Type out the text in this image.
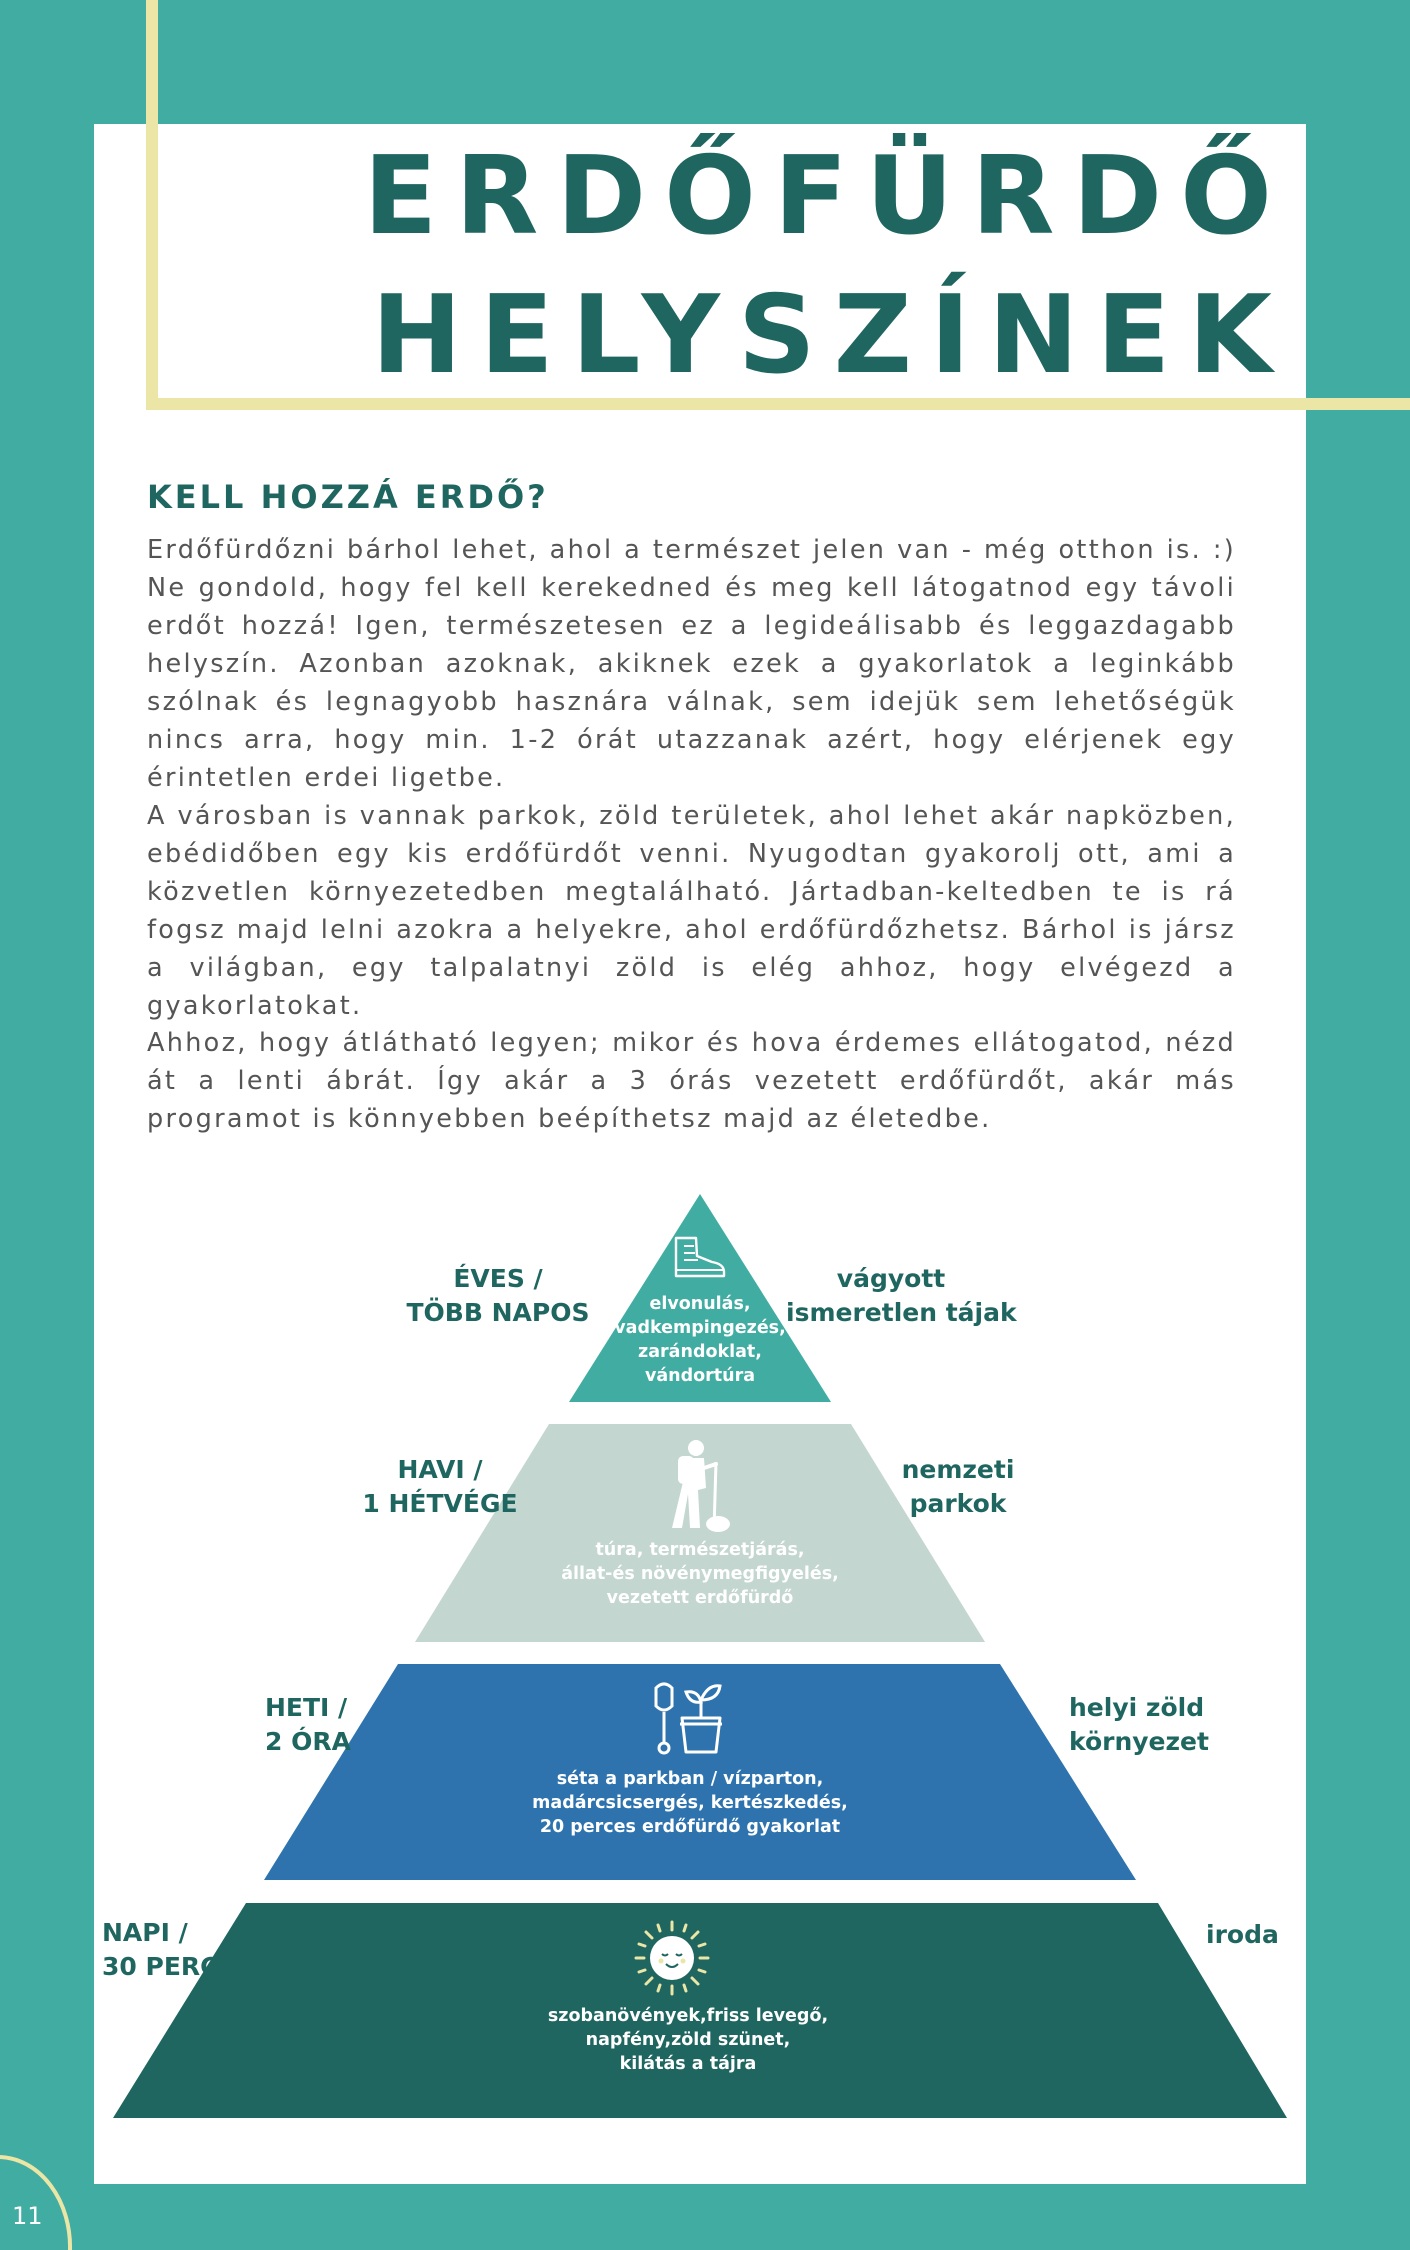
ERDŐFÜRDŐ
HELYSZÍNEK
KELL HOZZÁ ERDŐ?

Erdőfürdőzni bárhol lehet, ahol a természet jelen van - még otthon is. :) Ne gondold, hogy fel kell kerekedned és meg kell látogatnod egy távoli erdőt hozzá! Igen, természetesen ez a legideálisabb és leggazdagabb helyszín. Azonban azoknak, akiknek ezek a gyakorlatok a leginkább szólnak és legnagyobb hasznára válnak, sem idejük sem lehetőségük nincs arra, hogy min. 1-2 órát utazzanak azért, hogy elérjenek egy érintetlen erdei ligetbe.

A városban is vannak parkok, zöld területek, ahol lehet akár napközben, ebédidőben egy kis erdőfürdőt venni. Nyugodtan gyakorolj ott, ami a közvetlen környezetedben megtalálható. Jártadban-keltedben te is rá fogsz majd lelni azokra a helyekre, ahol erdőfürdőzhetsz. Bárhol is jársz a világban, egy talpalatnyi zöld is elég ahhoz, hogy elvégezd a gyakorlatokat.

Ahhoz, hogy átlátható legyen; mikor és hova érdemes ellátogatod, nézd át a lenti ábrát. Így akár a 3 órás vezetett erdőfürdőt, akár más programot is könnyebben beépíthetsz majd az életedbe.

ÉVES /
TÖBB NAPOS
vágyott
ismeretlen tájak
elvonulás,
vadkempingezés,
zarándoklat,
vándortúra
HAVI /
1 HÉTVÉGE
nemzeti
parkok
túra, természetjárás,
állat-és növénymegfigyelés,
vezetett erdőfürdő
HETI /
2 ÓRA
helyi zöld
környezet
séta a parkban / vízparton,
madárcsicsergés, kertészkedés,
20 perces erdőfürdő gyakorlat
NAPI /
30 PERC
iroda
szobanövények,friss levegő,
napfény,zöld szünet,
kilátás a tájra
11
